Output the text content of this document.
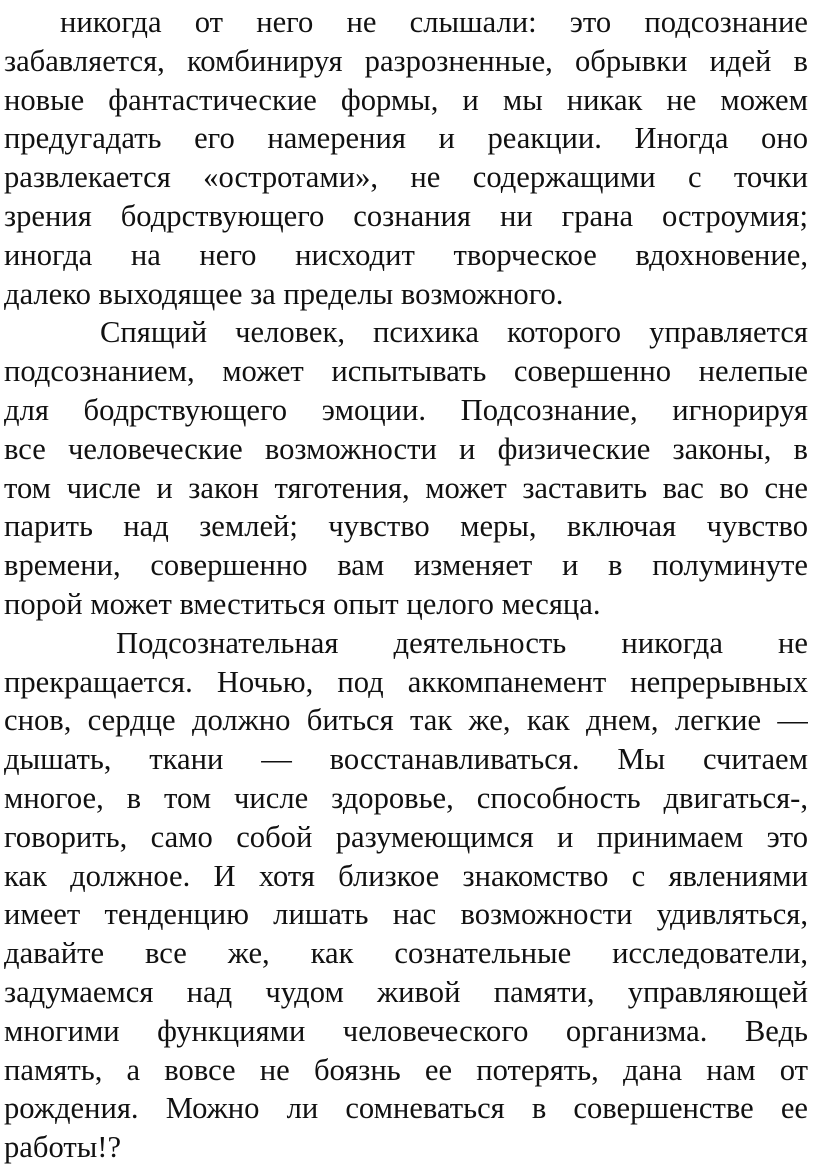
никогда от него не слышали: это подсознание
забавляется, комбинируя разрозненные, обрывки идей в
новые фантастические формы, и мы никак не можем
предугадать его намерения и реакции. Иногда оно
развлекается «остротами», не содержащими с точки
зрения бодрствующего сознания ни грана остроумия;
иногда на него нисходит творческое вдохновение,
далеко выходящее за пределы возможного.
Спящий человек, психика которого управляется
подсознанием, может испытывать совершенно нелепые
для бодрствующего эмоции. Подсознание, игнорируя
все человеческие возможности и физические законы, в
том числе и закон тяготения, может заставить вас во сне
парить над землей; чувство меры, включая чувство
времени, совершенно вам изменяет и в полуминуте
порой может вместиться опыт целого месяца.
Подсознательная деятельность никогда не
прекращается. Ночью, под аккомпанемент непрерывных
снов, сердце должно биться так же, как днем, легкие —
дышать, ткани — восстанавливаться. Мы считаем
многое, в том числе здоровье, способность двигаться-,
говорить, само собой разумеющимся и принимаем это
как должное. И хотя близкое знакомство с явлениями
имеет тенденцию лишать нас возможности удивляться,
давайте все же, как сознательные исследователи,
задумаемся над чудом живой памяти, управляющей
многими функциями человеческого организма. Ведь
память, а вовсе не боязнь ее потерять, дана нам от
рождения. Можно ли сомневаться в совершенстве ее
работы!?
